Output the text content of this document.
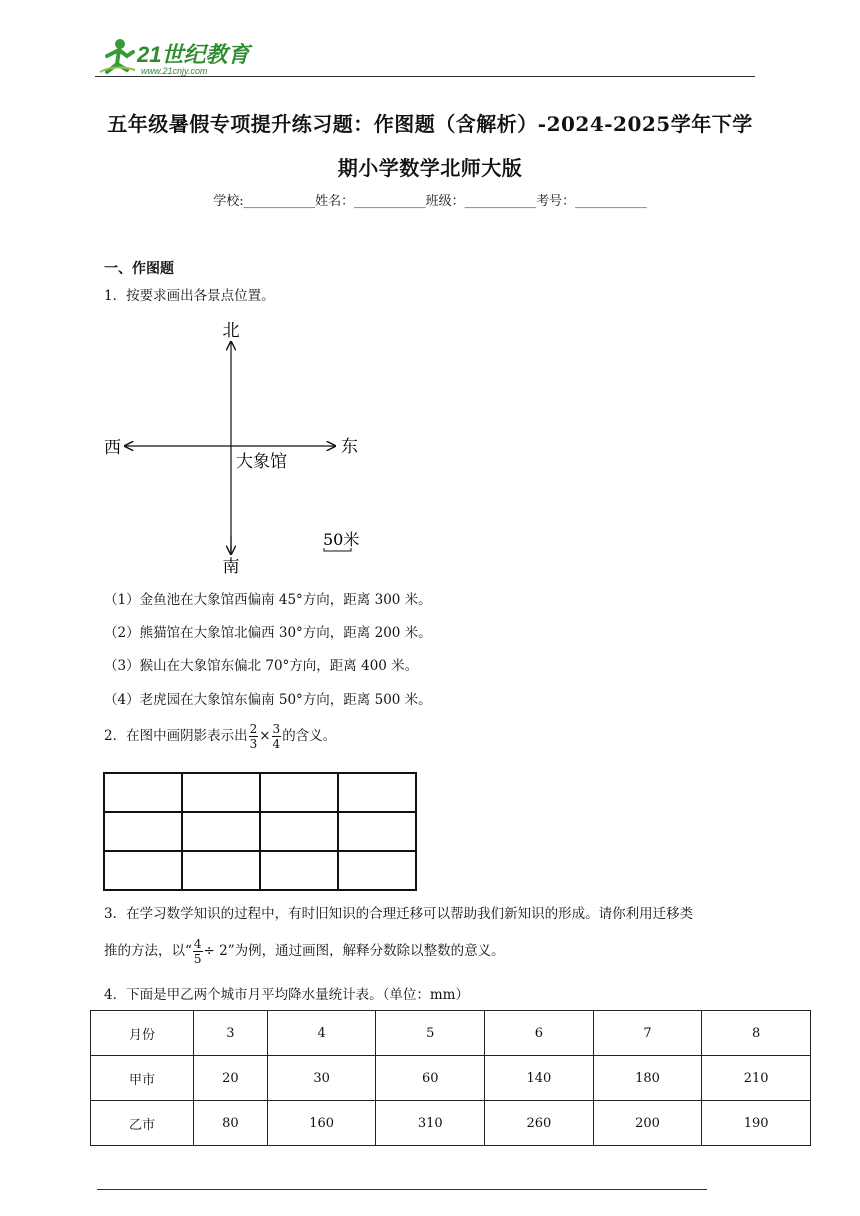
21世纪教育
www.21cnjy.com
五年级暑假专项提升练习题：作图题（含解析）-2024-2025学年下学
期小学数学北师大版
学校:___________姓名：___________班级：___________考号：___________
一、作图题
1．按要求画出各景点位置。
北
南
西	东
大象馆
50米
（1）金鱼池在大象馆西偏南 45°方向，距离 300 米。
（2）熊猫馆在大象馆北偏西 30°方向，距离 200 米。
（3）猴山在大象馆东偏北 70°方向，距离 400 米。
（4）老虎园在大象馆东偏南 50°方向，距离 500 米。
2．在图中画阴影表示出 $\frac{2}{3} \times \frac{3}{4}$ 的含义。

3．在学习数学知识的过程中，有时旧知识的合理迁移可以帮助我们新知识的形成。请你利用迁移类
推的方法，以“ $\frac{4}{5} \div 2$”为例，通过画图，解释分数除以整数的意义。
4．下面是甲乙两个城市月平均降水量统计表。（单位：mm）
月份	3	4	5	6	7	8
甲市	20	30	60	140	180	210
乙市	80	160	310	260	200	190
